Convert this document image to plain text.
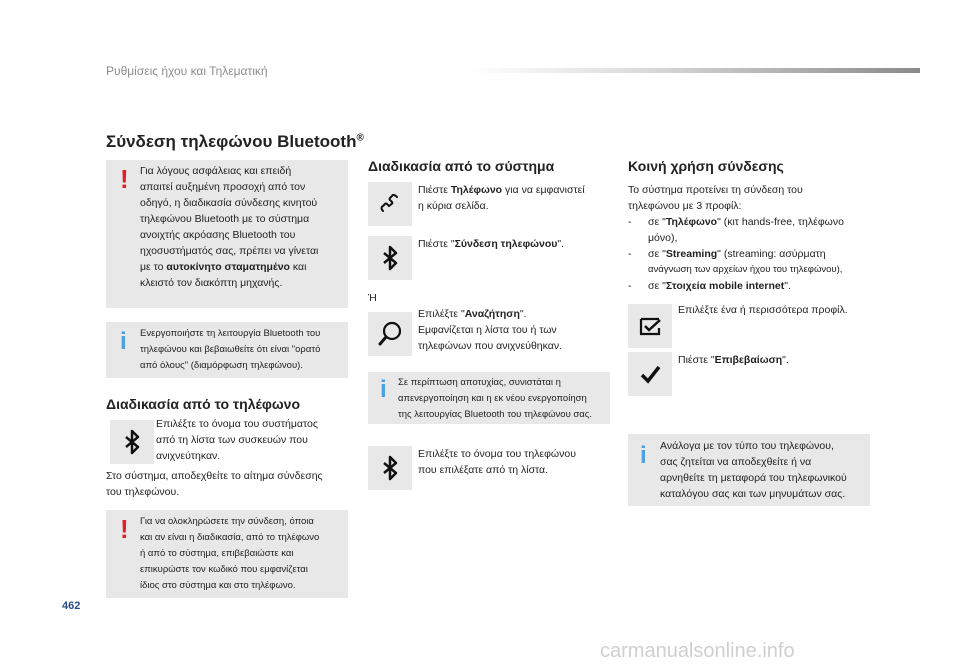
Ρυθμίσεις ήχου και Τηλεματική
Σύνδεση τηλεφώνου Bluetooth®
! Για λόγους ασφάλειας και επειδή
απαιτεί αυξημένη προσοχή από τον
οδηγό, η διαδικασία σύνδεσης κινητού
τηλεφώνου Bluetooth με το σύστημα
ανοιχτής ακρόασης Bluetooth του
ηχοσυστήματός σας, πρέπει να γίνεται
με το αυτοκίνητο σταματημένο και
κλειστό τον διακόπτη μηχανής.
i Ενεργοποιήστε τη λειτουργία Bluetooth του
τηλεφώνου και βεβαιωθείτε ότι είναι "ορατό
από όλους" (διαμόρφωση τηλεφώνου).
Διαδικασία από το τηλέφωνο
Επιλέξτε το όνομα του συστήματος
από τη λίστα των συσκευών που
ανιχνεύτηκαν.
Στο σύστημα, αποδεχθείτε το αίτημα σύνδεσης
του τηλεφώνου.
! Για να ολοκληρώσετε την σύνδεση, όποια
και αν είναι η διαδικασία, από το τηλέφωνο
ή από το σύστημα, επιβεβαιώστε και
επικυρώστε τον κωδικό που εμφανίζεται
ίδιος στο σύστημα και στο τηλέφωνο.
Διαδικασία από το σύστημα
Πιέστε Τηλέφωνο για να εμφανιστεί
η κύρια σελίδα.
Πιέστε "Σύνδεση τηλεφώνου".
Ή
Επιλέξτε "Αναζήτηση".
Εμφανίζεται η λίστα του ή των
τηλεφώνων που ανιχνεύθηκαν.
i Σε περίπτωση αποτυχίας, συνιστάται η
απενεργοποίηση και η εκ νέου ενεργοποίηση
της λειτουργίας Bluetooth του τηλεφώνου σας.
Επιλέξτε το όνομα του τηλεφώνου
που επιλέξατε από τη λίστα.
Κοινή χρήση σύνδεσης
Το σύστημα προτείνει τη σύνδεση του
τηλεφώνου με 3 προφίλ:
- σε "Τηλέφωνο" (κιτ hands-free, τηλέφωνο
μόνο),
- σε "Streaming" (streaming: ασύρματη
ανάγνωση των αρχείων ήχου του τηλεφώνου),
- σε "Στοιχεία mobile internet".
Επιλέξτε ένα ή περισσότερα προφίλ.
Πιέστε "Επιβεβαίωση".
i Ανάλογα με τον τύπο του τηλεφώνου,
σας ζητείται να αποδεχθείτε ή να
αρνηθείτε τη μεταφορά του τηλεφωνικού
καταλόγου σας και των μηνυμάτων σας.
462
carmanualsonline.info
